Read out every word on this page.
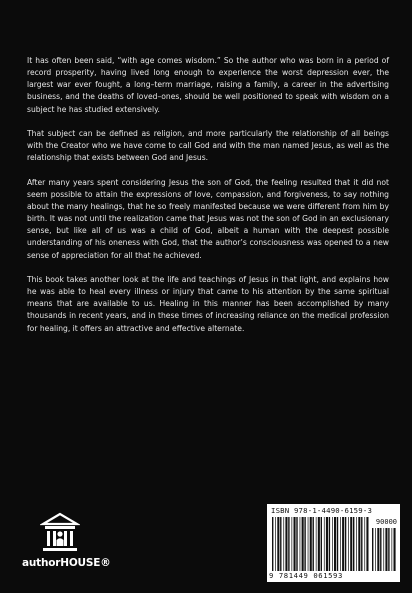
It has often been said, “with age comes wisdom.” So the author who was born in a period of record prosperity, having lived long enough to experience the worst depression ever, the largest war ever fought, a long–term marriage, raising a family, a career in the advertising business, and the deaths of loved–ones, should be well positioned to speak with wisdom on a subject he has studied extensively.

That subject can be defined as religion, and more particularly the relationship of all beings with the Creator who we have come to call God and with the man named Jesus, as well as the relationship that exists between God and Jesus.

After many years spent considering Jesus the son of God, the feeling resulted that it did not seem possible to attain the expressions of love, compassion, and forgiveness, to say nothing about the many healings, that he so freely manifested because we were different from him by birth. It was not until the realization came that Jesus was not the son of God in an exclusionary sense, but like all of us was a child of God, albeit a human with the deepest possible understanding of his oneness with God, that the author’s consciousness was opened to a new sense of appreciation for all that he achieved.

This book takes another look at the life and teachings of Jesus in that light, and explains how he was able to heal every illness or injury that came to his attention by the same spiritual means that are available to us. Healing in this manner has been accomplished by many thousands in recent years, and in these times of increasing reliance on the medical profession for healing, it offers an attractive and effective alternate.

authorHOUSE®
ISBN 978-1-4490-6159-3
90000
9 781449 061593
